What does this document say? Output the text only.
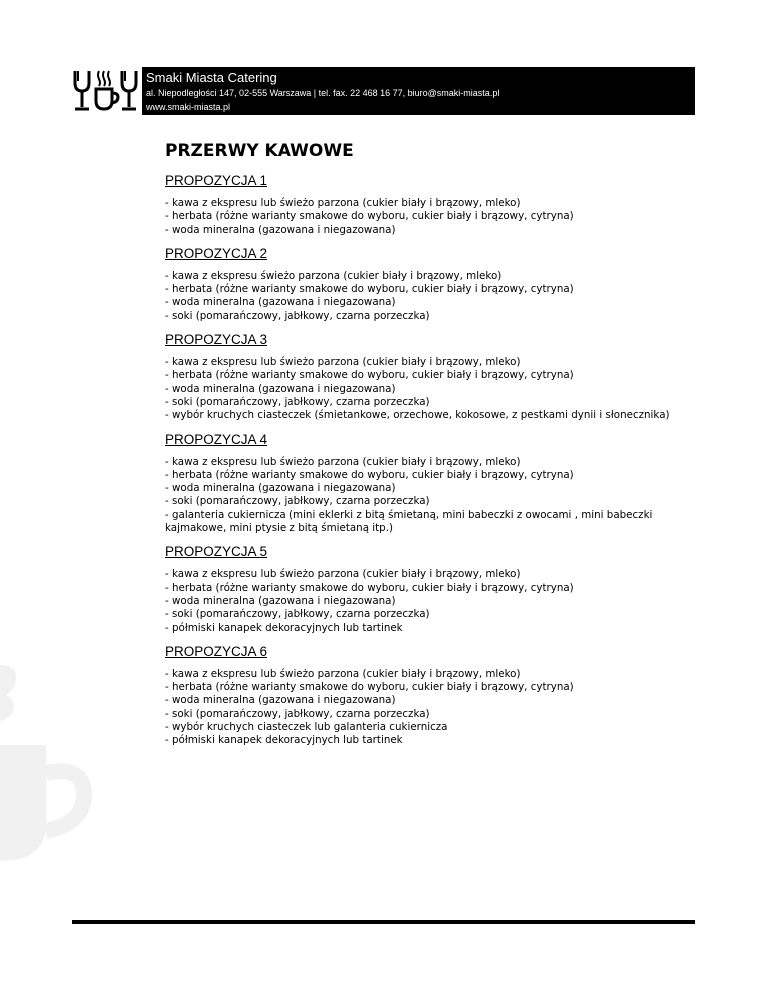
Smaki Miasta Catering
al. Niepodległości 147, 02-555 Warszawa | tel. fax. 22 468 16 77, biuro@smaki-miasta.pl
www.smaki-miasta.pl
PRZERWY KAWOWE
PROPOZYCJA 1
- kawa z ekspresu lub świeżo parzona (cukier biały i brązowy, mleko)
- herbata (różne warianty smakowe do wyboru, cukier biały i brązowy, cytryna)
- woda mineralna (gazowana i niegazowana)
PROPOZYCJA 2
- kawa z ekspresu świeżo parzona (cukier biały i brązowy, mleko)
- herbata (różne warianty smakowe do wyboru, cukier biały i brązowy, cytryna)
- woda mineralna (gazowana i niegazowana)
- soki (pomarańczowy, jabłkowy, czarna porzeczka)
PROPOZYCJA 3
- kawa z ekspresu lub świeżo parzona (cukier biały i brązowy, mleko)
- herbata (różne warianty smakowe do wyboru, cukier biały i brązowy, cytryna)
- woda mineralna (gazowana i niegazowana)
- soki (pomarańczowy, jabłkowy, czarna porzeczka)
- wybór kruchych ciasteczek (śmietankowe, orzechowe, kokosowe, z pestkami dynii i słonecznika)
PROPOZYCJA 4
- kawa z ekspresu lub świeżo parzona (cukier biały i brązowy, mleko)
- herbata (różne warianty smakowe do wyboru, cukier biały i brązowy, cytryna)
- woda mineralna (gazowana i niegazowana)
- soki (pomarańczowy, jabłkowy, czarna porzeczka)
- galanteria cukiernicza (mini eklerki z bitą śmietaną, mini babeczki z owocami , mini babeczki
kajmakowe, mini ptysie z bitą śmietaną itp.)
PROPOZYCJA 5
- kawa z ekspresu lub świeżo parzona (cukier biały i brązowy, mleko)
- herbata (różne warianty smakowe do wyboru, cukier biały i brązowy, cytryna)
- woda mineralna (gazowana i niegazowana)
- soki (pomarańczowy, jabłkowy, czarna porzeczka)
- półmiski kanapek dekoracyjnych lub tartinek
PROPOZYCJA 6
- kawa z ekspresu lub świeżo parzona (cukier biały i brązowy, mleko)
- herbata (różne warianty smakowe do wyboru, cukier biały i brązowy, cytryna)
- woda mineralna (gazowana i niegazowana)
- soki (pomarańczowy, jabłkowy, czarna porzeczka)
- wybór kruchych ciasteczek lub galanteria cukiernicza
- półmiski kanapek dekoracyjnych lub tartinek
